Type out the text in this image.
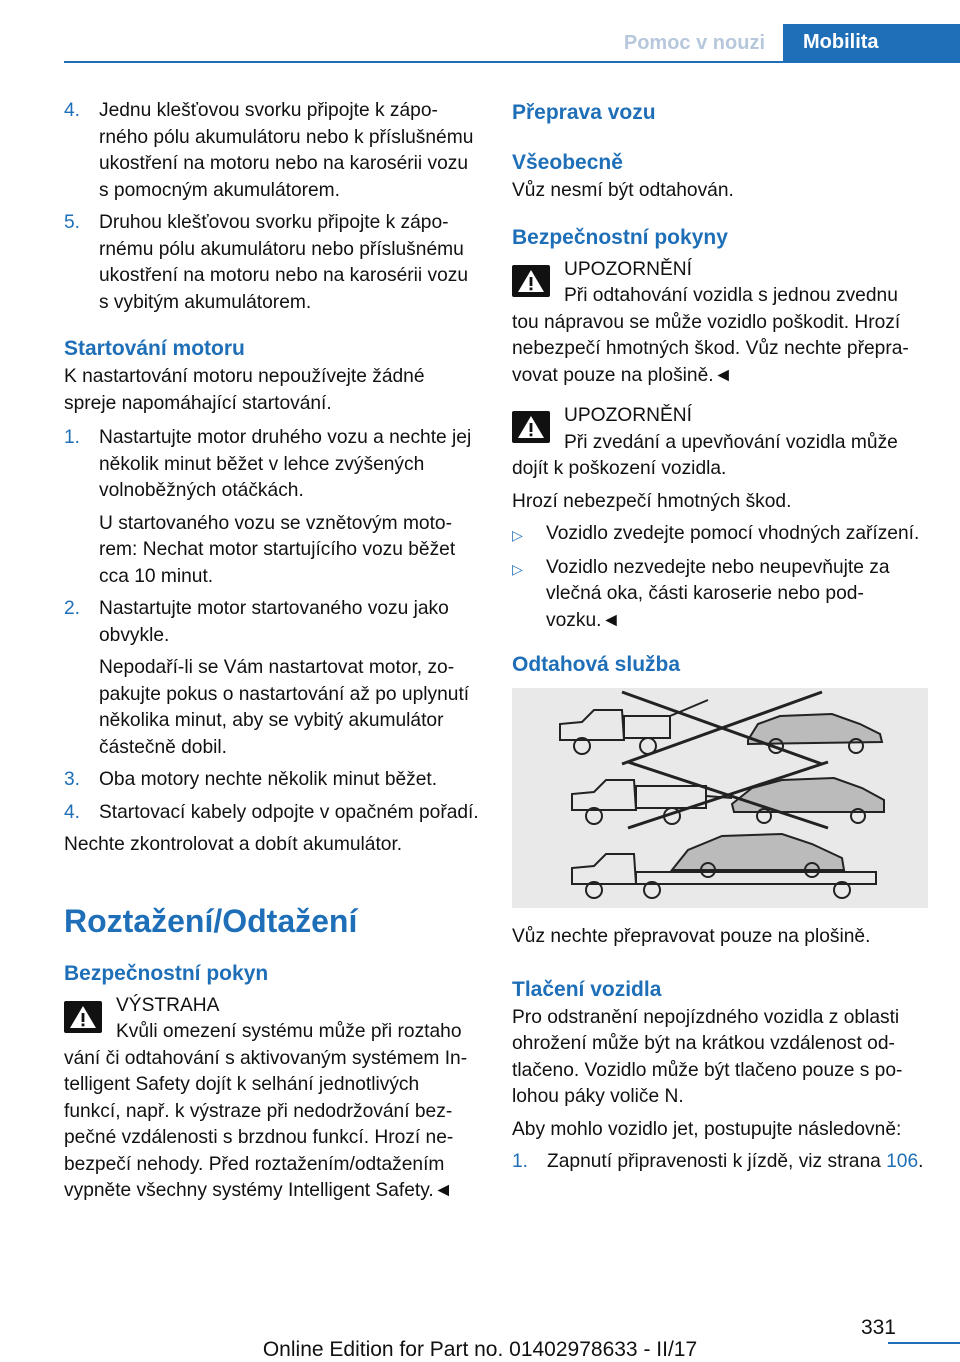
Pomoc v nouzi	Mobilita
4. Jednu klešťovou svorku připojte k záporného pólu akumulátoru nebo k příslušnému ukostření na motoru nebo na karosérii vozu s pomocným akumulátorem.
5. Druhou klešťovou svorku připojte k zápornému pólu akumulátoru nebo příslušnému ukostření na motoru nebo na karosérii vozu s vybitým akumulátorem.
Startování motoru

K nastartování motoru nepoužívejte žádné spreje napomáhající startování.

1. Nastartujte motor druhého vozu a nechte jej několik minut běžet v lehce zvýšených volnoběžných otáčkách.

U startovaného vozu se vznětovým motorem: Nechat motor startujícího vozu běžet cca 10 minut.

2. Nastartujte motor startovaného vozu jako obvykle.

Nepodaří-li se Vám nastartovat motor, zopakujte pokus o nastartování až po uplynutí několika minut, aby se vybitý akumulátor částečně dobil.

3. Oba motory nechte několik minut běžet.
4. Startovací kabely odpojte v opačném pořadí.

Nechte zkontrolovat a dobít akumulátor.

Roztažení/Odtažení
Bezpečnostní pokyn

VÝSTRAHA

Kvůli omezení systému může při roztaho

vání či odtahování s aktivovaným systémem Intelligent Safety dojít k selhání jednotlivých funkcí, např. k výstraze při nedodržování bezpečné vzdálenosti s brzdnou funkcí. Hrozí nebezpečí nehody. Před roztažením/odtažením vypněte všechny systémy Intelligent Safety.◄

Přeprava vozu
Všeobecně

Vůz nesmí být odtahován.

Bezpečnostní pokyny

UPOZORNĚNÍ

Při odtahování vozidla s jednou zvednu

tou nápravou se může vozidlo poškodit. Hrozí nebezpečí hmotných škod. Vůz nechte přepravovat pouze na plošině.◄

UPOZORNĚNÍ

Při zvedání a upevňování vozidla může

dojít k poškození vozidla.

Hrozí nebezpečí hmotných škod.

▷	Vozidlo zvedejte pomocí vhodných zařízení.
▷	Vozidlo nezvedejte nebo neupevňujte za vlečná oka, části karoserie nebo podvozku.◄
Odtahová služba

Vůz nechte přepravovat pouze na plošině.

Tlačení vozidla

Pro odstranění nepojízdného vozidla z oblasti ohrožení může být na krátkou vzdálenost odtlačeno. Vozidlo může být tlačeno pouze s polohou páky voliče N.

Aby mohlo vozidlo jet, postupujte následovně:

1. Zapnutí připravenosti k jízdě, viz strana 106.
331
Online Edition for Part no. 01402978633 - II/17
